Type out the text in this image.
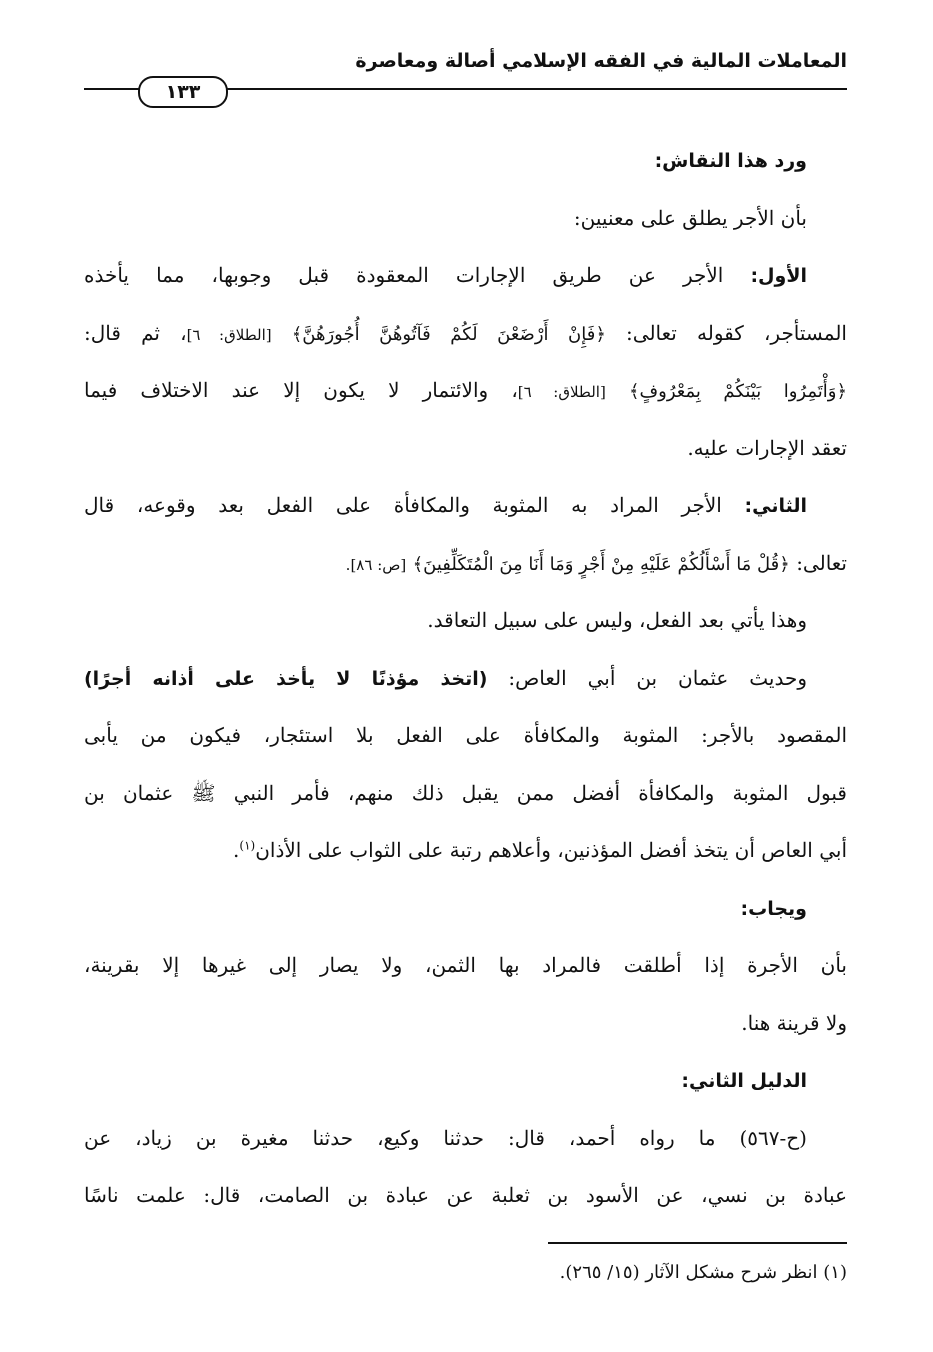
المعاملات المالية في الفقه الإسلامي أصالة ومعاصرة
١٣٣
ورد هذا النقاش:
بأن الأجر يطلق على معنيين:
الأول: الأجر عن طريق الإجارات المعقودة قبل وجوبها، مما يأخذه
المستأجر، كقوله تعالى: ﴿فَإِنْ أَرْضَعْنَ لَكُمْ فَآتُوهُنَّ أُجُورَهُنَّ﴾ [الطلاق: ٦]، ثم قال:
﴿وَأْتَمِرُوا بَيْنَكُمْ بِمَعْرُوفٍ﴾ [الطلاق: ٦]، والائتمار لا يكون إلا عند الاختلاف فيما
تعقد الإجارات عليه.
الثاني: الأجر المراد به المثوبة والمكافأة على الفعل بعد وقوعه، قال
تعالى: ﴿قُلْ مَا أَسْأَلُكُمْ عَلَيْهِ مِنْ أَجْرٍ وَمَا أَنَا مِنَ الْمُتَكَلِّفِينَ﴾ [ص: ٨٦].
وهذا يأتي بعد الفعل، وليس على سبيل التعاقد.
وحديث عثمان بن أبي العاص: (اتخذ مؤذنًا لا يأخذ على أذانه أجرًا)
المقصود بالأجر: المثوبة والمكافأة على الفعل بلا استئجار، فيكون من يأبى
قبول المثوبة والمكافأة أفضل ممن يقبل ذلك منهم، فأمر النبي ﷺ عثمان بن
أبي العاص أن يتخذ أفضل المؤذنين، وأعلاهم رتبة على الثواب على الأذان$^{(١)}$.
ويجاب:
بأن الأجرة إذا أطلقت فالمراد بها الثمن، ولا يصار إلى غيرها إلا بقرينة،
ولا قرينة هنا.
الدليل الثاني:
(ح-٥٦٧) ما رواه أحمد، قال: حدثنا وكيع، حدثنا مغيرة بن زياد، عن
عبادة بن نسي، عن الأسود بن ثعلبة عن عبادة بن الصامت، قال: علمت ناسًا
(١) انظر شرح مشكل الآثار (١٥/ ٢٦٥).
